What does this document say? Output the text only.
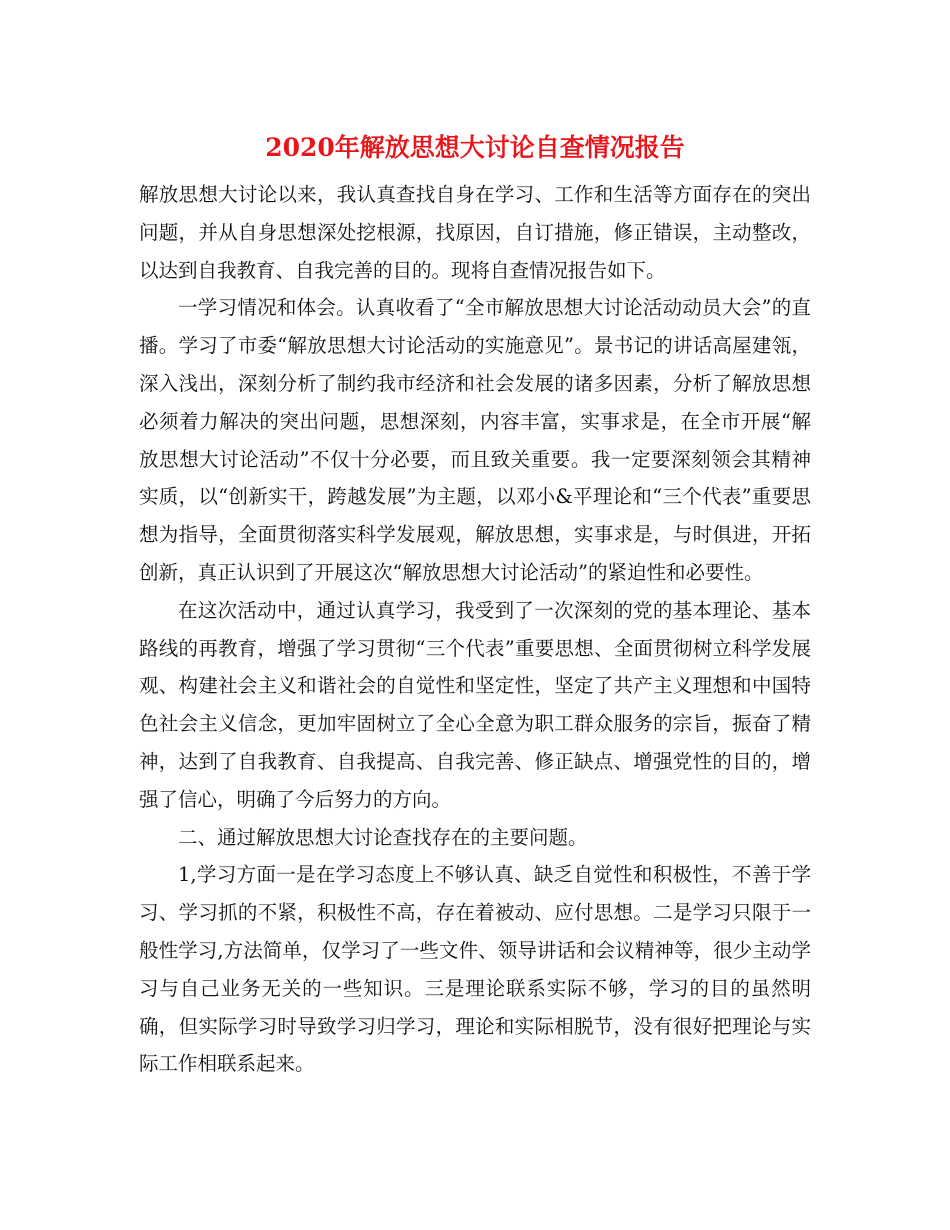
2020年解放思想大讨论自查情况报告

解放思想大讨论以来，我认真查找自身在学习、工作和生活等方面存在的突出问题，并从自身思想深处挖根源，找原因，自订措施，修正错误，主动整改，以达到自我教育、自我完善的目的。现将自查情况报告如下。

一学习情况和体会。认真收看了“全市解放思想大讨论活动动员大会”的直播。学习了市委“解放思想大讨论活动的实施意见”。景书记的讲话高屋建瓴，深入浅出，深刻分析了制约我市经济和社会发展的诸多因素，分析了解放思想必须着力解决的突出问题，思想深刻，内容丰富，实事求是，在全市开展“解放思想大讨论活动”不仅十分必要，而且致关重要。我一定要深刻领会其精神实质，以“创新实干，跨越发展”为主题，以邓小&平理论和“三个代表”重要思想为指导，全面贯彻落实科学发展观，解放思想，实事求是，与时俱进，开拓创新，真正认识到了开展这次“解放思想大讨论活动”的紧迫性和必要性。

在这次活动中，通过认真学习，我受到了一次深刻的党的基本理论、基本路线的再教育，增强了学习贯彻“三个代表”重要思想、全面贯彻树立科学发展观、构建社会主义和谐社会的自觉性和坚定性，坚定了共产主义理想和中国特色社会主义信念，更加牢固树立了全心全意为职工群众服务的宗旨，振奋了精神，达到了自我教育、自我提高、自我完善、修正缺点、增强党性的目的，增强了信心，明确了今后努力的方向。

二、通过解放思想大讨论查找存在的主要问题。

1,学习方面一是在学习态度上不够认真、缺乏自觉性和积极性，不善于学习、学习抓的不紧，积极性不高，存在着被动、应付思想。二是学习只限于一般性学习,方法简单，仅学习了一些文件、领导讲话和会议精神等，很少主动学习与自己业务无关的一些知识。三是理论联系实际不够，学习的目的虽然明确，但实际学习时导致学习归学习，理论和实际相脱节，没有很好把理论与实际工作相联系起来。
